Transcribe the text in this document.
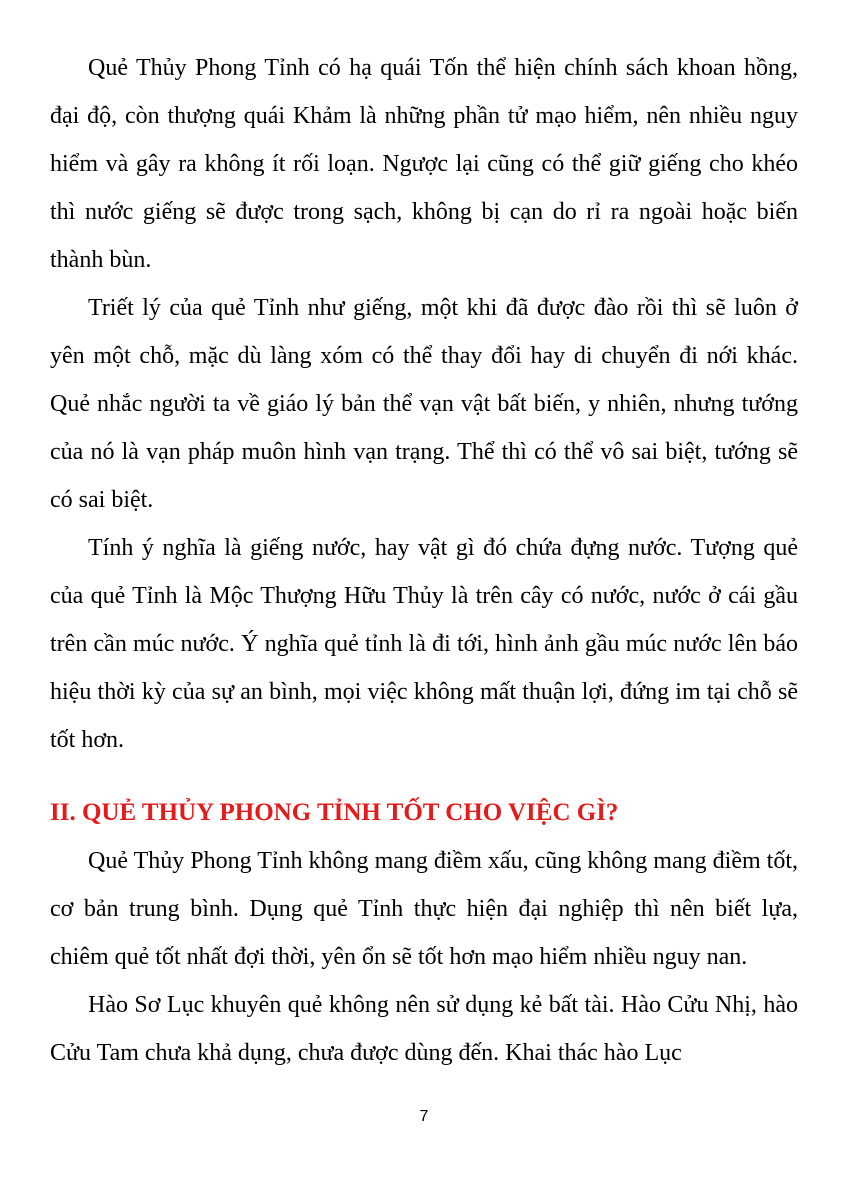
Quẻ Thủy Phong Tỉnh có hạ quái Tốn thể hiện chính sách khoan hồng, đại độ, còn thượng quái Khảm là những phần tử mạo hiểm, nên nhiều nguy hiểm và gây ra không ít rối loạn. Ngược lại cũng có thể giữ giếng cho khéo thì nước giếng sẽ được trong sạch, không bị cạn do rỉ ra ngoài hoặc biến thành bùn.

Triết lý của quẻ Tỉnh như giếng, một khi đã được đào rồi thì sẽ luôn ở yên một chỗ, mặc dù làng xóm có thể thay đổi hay di chuyển đi nới khác. Quẻ nhắc người ta về giáo lý bản thể vạn vật bất biến, y nhiên, nhưng tướng của nó là vạn pháp muôn hình vạn trạng. Thể thì có thể vô sai biệt, tướng sẽ có sai biệt.

Tính ý nghĩa là giếng nước, hay vật gì đó chứa đựng nước. Tượng quẻ của quẻ Tỉnh là Mộc Thượng Hữu Thủy là trên cây có nước, nước ở cái gầu trên cần múc nước. Ý nghĩa quẻ tỉnh là đi tới, hình ảnh gầu múc nước lên báo hiệu thời kỳ của sự an bình, mọi việc không mất thuận lợi, đứng im tại chỗ sẽ tốt hơn.

II. QUẺ THỦY PHONG TỈNH TỐT CHO VIỆC GÌ?

Quẻ Thủy Phong Tỉnh không mang điềm xấu, cũng không mang điềm tốt, cơ bản trung bình. Dụng quẻ Tỉnh thực hiện đại nghiệp thì nên biết lựa, chiêm quẻ tốt nhất đợi thời, yên ổn sẽ tốt hơn mạo hiểm nhiều nguy nan.

Hào Sơ Lục khuyên quẻ không nên sử dụng kẻ bất tài. Hào Cửu Nhị, hào Cửu Tam chưa khả dụng, chưa được dùng đến. Khai thác hào Lục

7
